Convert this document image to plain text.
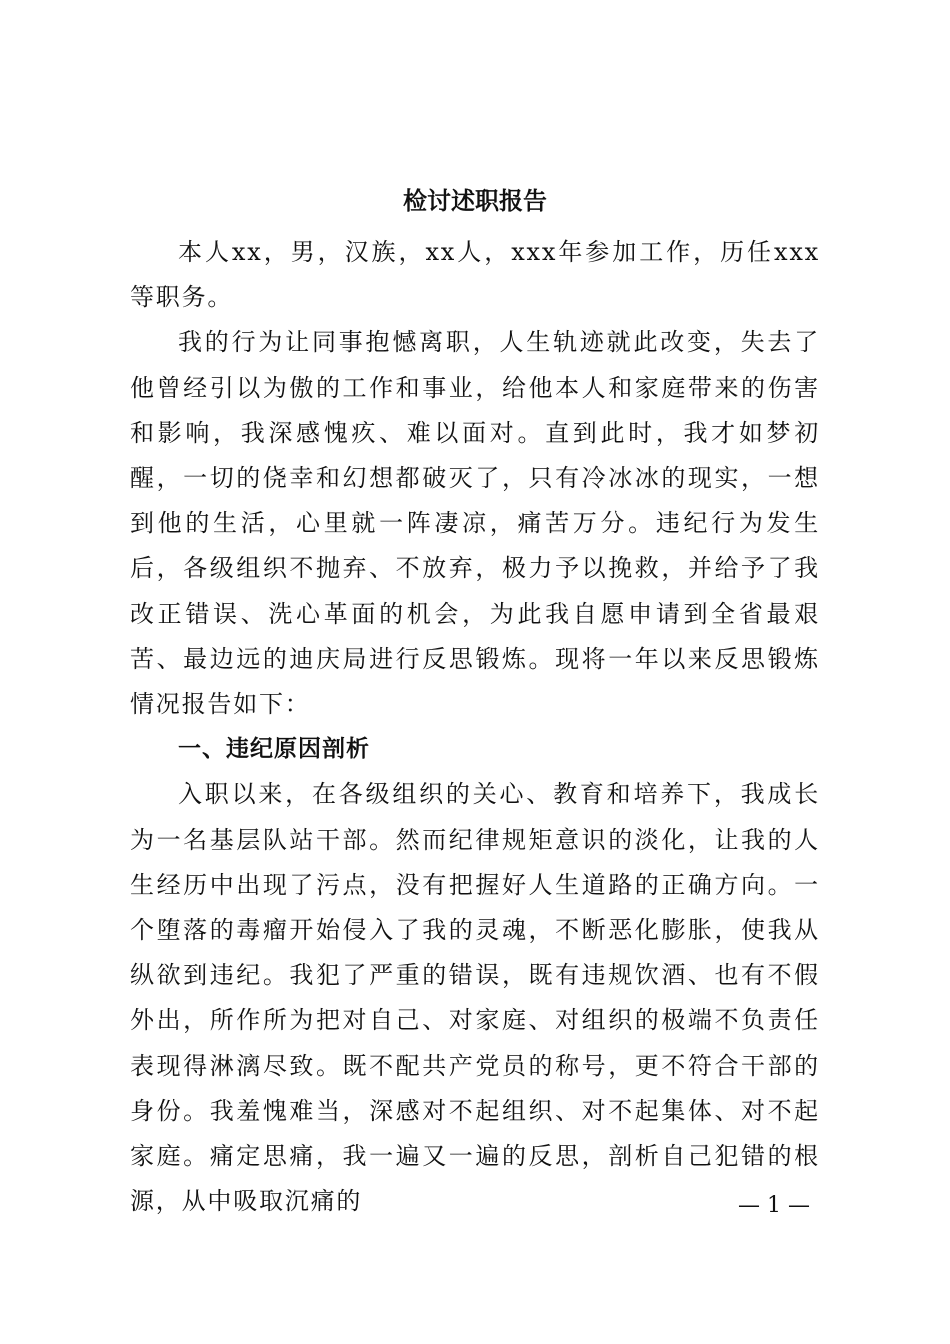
检讨述职报告

本人xx，男，汉族，xx人，xxx年参加工作，历任xxx等职务。

我的行为让同事抱憾离职，人生轨迹就此改变，失去了他曾经引以为傲的工作和事业，给他本人和家庭带来的伤害和影响，我深感愧疚、难以面对。直到此时，我才如梦初醒，一切的侥幸和幻想都破灭了，只有冷冰冰的现实，一想到他的生活，心里就一阵凄凉，痛苦万分。违纪行为发生后，各级组织不抛弃、不放弃，极力予以挽救，并给予了我改正错误、洗心革面的机会，为此我自愿申请到全省最艰苦、最边远的迪庆局进行反思锻炼。现将一年以来反思锻炼情况报告如下：

一、违纪原因剖析

入职以来，在各级组织的关心、教育和培养下，我成长为一名基层队站干部。然而纪律规矩意识的淡化，让我的人生经历中出现了污点，没有把握好人生道路的正确方向。一个堕落的毒瘤开始侵入了我的灵魂，不断恶化膨胀，使我从纵欲到违纪。我犯了严重的错误，既有违规饮酒、也有不假外出，所作所为把对自己、对家庭、对组织的极端不负责任表现得淋漓尽致。既不配共产党员的称号，更不符合干部的身份。我羞愧难当，深感对不起组织、对不起集体、对不起家庭。痛定思痛，我一遍又一遍的反思，剖析自己犯错的根源，从中吸取沉痛的	— 1 —
